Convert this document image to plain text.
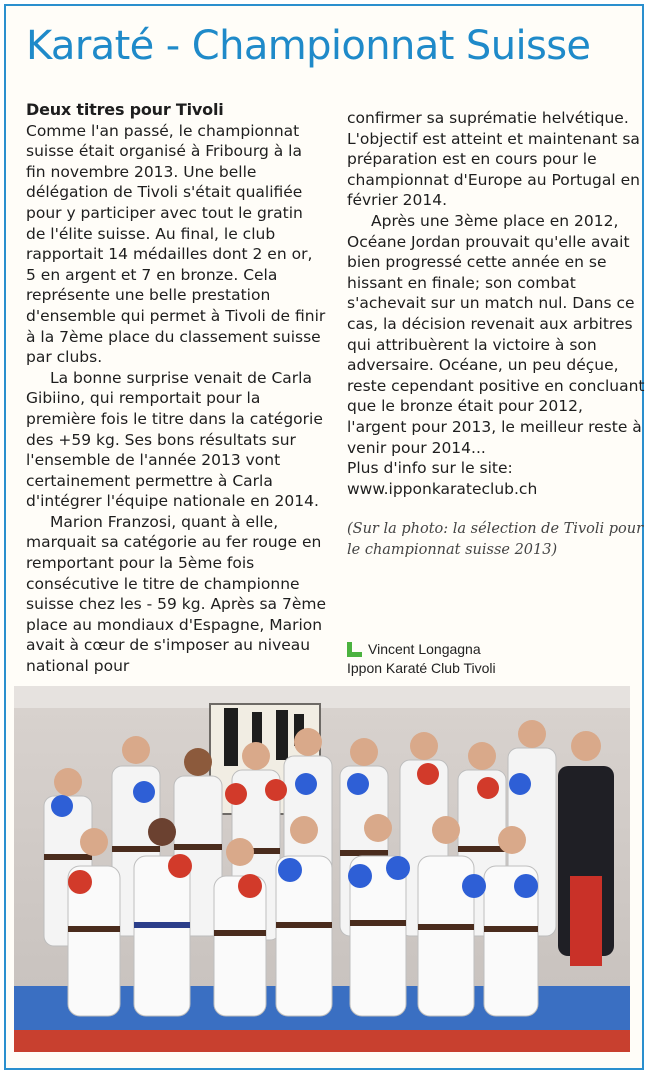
Karaté - Championnat Suisse

Deux titres pour Tivoli

Comme l'an passé, le championnat suisse était organisé à Fribourg à la fin novembre 2013. Une belle délégation de Tivoli s'était qualifiée pour y participer avec tout le gratin de l'élite suisse. Au final, le club rapportait 14 médailles dont 2 en or, 5 en argent et 7 en bronze. Cela représente une belle prestation d'ensemble qui permet à Tivoli de finir à la 7ème place du classement suisse par clubs.

La bonne surprise venait de Carla Gibiino, qui remportait pour la première fois le titre dans la catégorie des +59 kg. Ses bons résultats sur l'ensemble de l'année 2013 vont certainement permettre à Carla d'intégrer l'équipe nationale en 2014.

Marion Franzosi, quant à elle, marquait sa catégorie au fer rouge en remportant pour la 5ème fois consécutive le titre de championne suisse chez les - 59 kg. Après sa 7ème place au mondiaux d'Espagne, Marion avait à cœur de s'imposer au niveau national pour

confirmer sa suprématie helvétique. L'objectif est atteint et maintenant sa préparation est en cours pour le championnat d'Europe au Portugal en février 2014.

Après une 3ème place en 2012, Océane Jordan prouvait qu'elle avait bien progressé cette année en se hissant en finale; son combat s'achevait sur un match nul. Dans ce cas, la décision revenait aux arbitres qui attribuèrent la victoire à son adversaire. Océane, un peu déçue, reste cependant positive en concluant que le bronze était pour 2012, l'argent pour 2013, le meilleur reste à venir pour 2014...

Plus d'info sur le site:

www.ipponkarateclub.ch

(Sur la photo: la sélection de Tivoli pour le championnat suisse 2013)

Vincent Longagna
Ippon Karaté Club Tivoli
